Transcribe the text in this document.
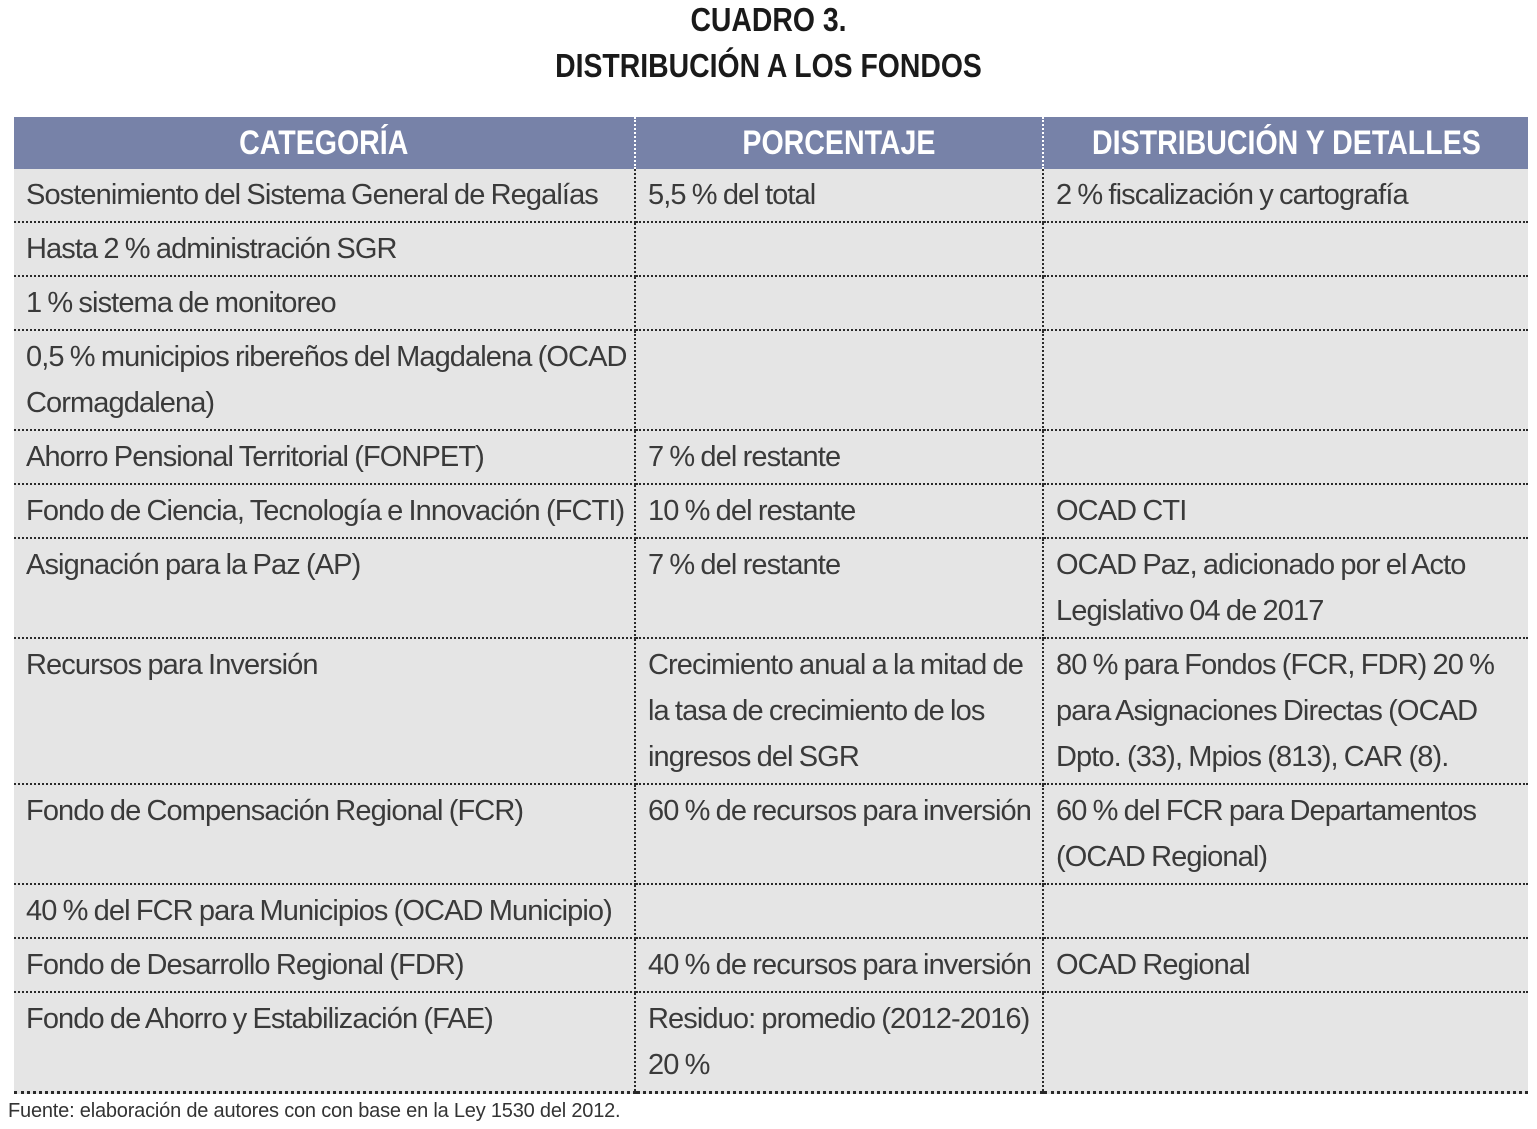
CUADRO 3.
DISTRIBUCIÓN A LOS FONDOS
CATEGORÍA	PORCENTAJE	DISTRIBUCIÓN Y DETALLES
Sostenimiento del Sistema General de Regalías	5,5 % del total	2 % fiscalización y cartografía
Hasta 2 % administración SGR		
1 % sistema de monitoreo		
0,5 % municipios ribereños del Magdalena (OCAD Cormagdalena)		
Ahorro Pensional Territorial (FONPET)	7 % del restante	
Fondo de Ciencia, Tecnología e Innovación (FCTI)	10 % del restante	OCAD CTI
Asignación para la Paz (AP)	7 % del restante	OCAD Paz, adicionado por el Acto Legislativo 04 de 2017
Recursos para Inversión	Crecimiento anual a la mitad de la tasa de crecimiento de los ingresos del SGR	80 % para Fondos (FCR, FDR) 20 % para Asignaciones Directas (OCAD Dpto. (33), Mpios (813), CAR (8).
Fondo de Compensación Regional (FCR)	60 % de recursos para inversión	60 % del FCR para Departamentos (OCAD Regional)
40 % del FCR para Municipios (OCAD Municipio)		
Fondo de Desarrollo Regional (FDR)	40 % de recursos para inversión	OCAD Regional
Fondo de Ahorro y Estabilización (FAE)	Residuo: promedio (2012-2016) 20 %	
Fuente: elaboración de autores con con base en la Ley 1530 del 2012.
